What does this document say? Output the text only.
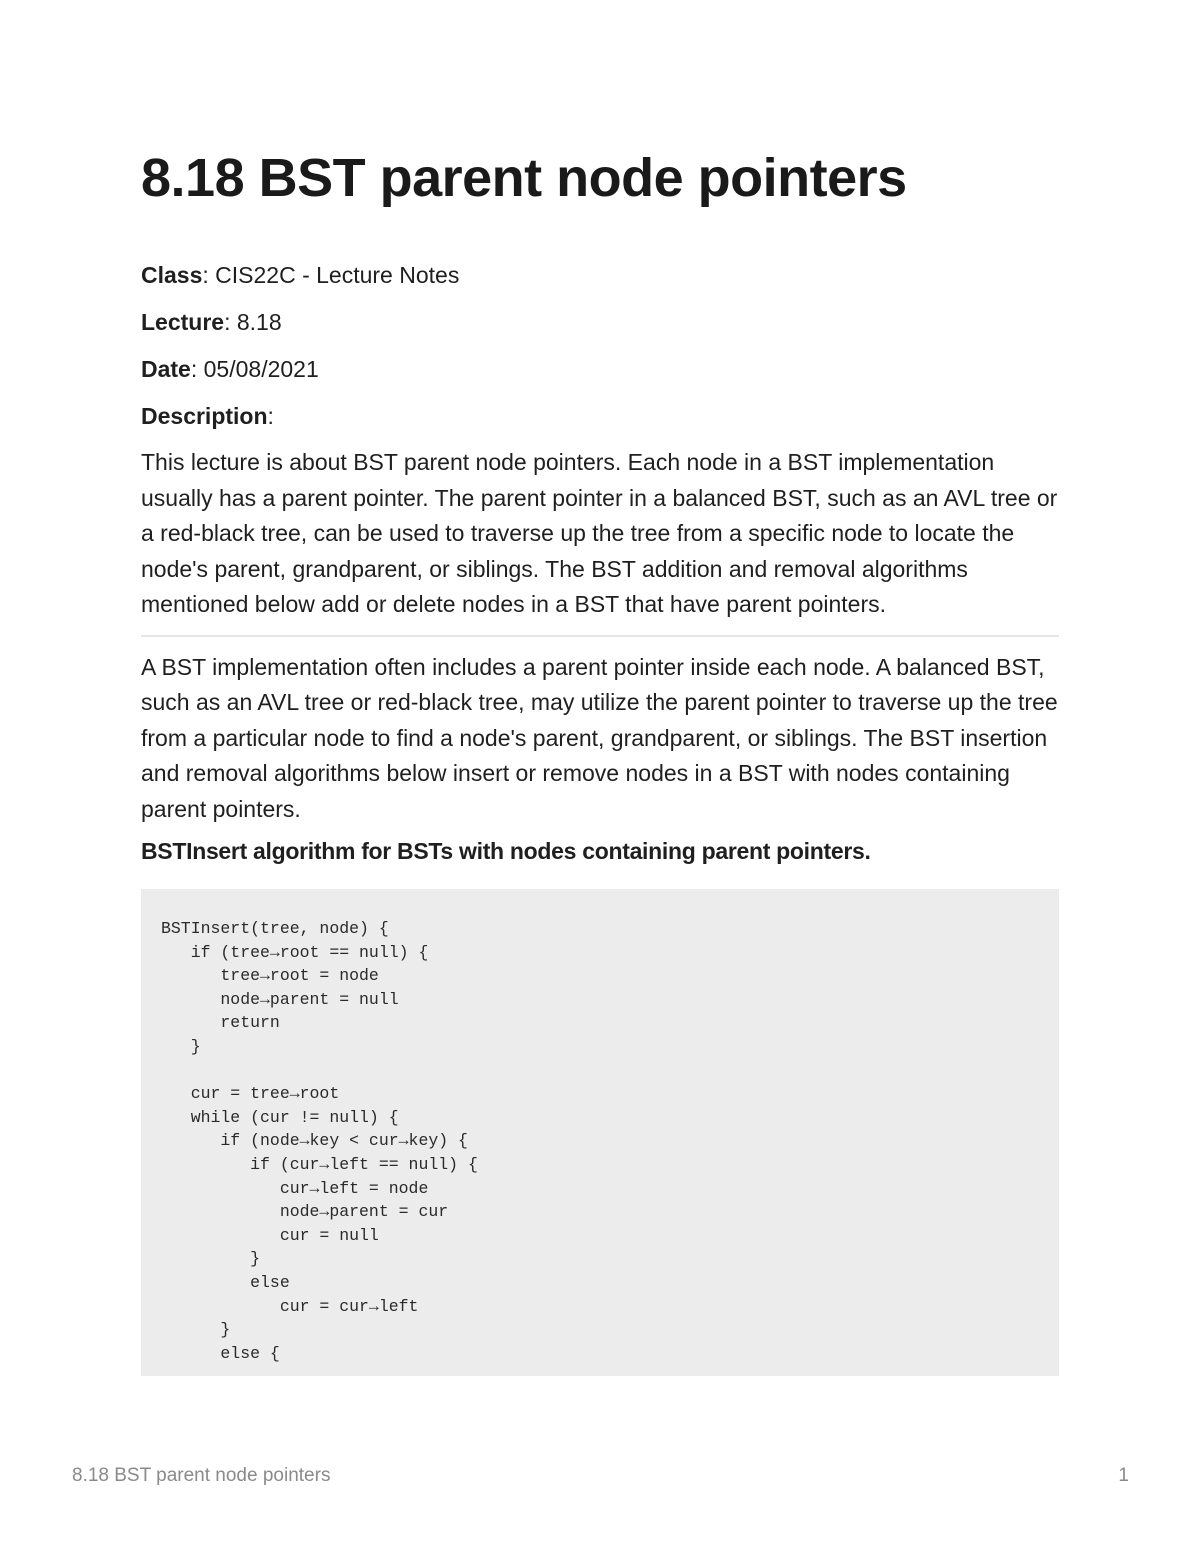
8.18 BST parent node pointers
Class: CIS22C - Lecture Notes
Lecture: 8.18
Date: 05/08/2021
Description:

This lecture is about BST parent node pointers. Each node in a BST implementation usually has a parent pointer. The parent pointer in a balanced BST, such as an AVL tree or a red-black tree, can be used to traverse up the tree from a specific node to locate the node's parent, grandparent, or siblings. The BST addition and removal algorithms mentioned below add or delete nodes in a BST that have parent pointers.

A BST implementation often includes a parent pointer inside each node. A balanced BST, such as an AVL tree or red-black tree, may utilize the parent pointer to traverse up the tree from a particular node to find a node's parent, grandparent, or siblings. The BST insertion and removal algorithms below insert or remove nodes in a BST with nodes containing parent pointers.

BSTInsert algorithm for BSTs with nodes containing parent pointers.
BSTInsert(tree, node) {
if (tree→root == null) {
tree→root = node
node→parent = null
return
}
cur = tree→root
while (cur != null) {
if (node→key < cur→key) {
if (cur→left == null) {
cur→left = node
node→parent = cur
cur = null
}
else
cur = cur→left
}
else {
8.18 BST parent node pointers	1
